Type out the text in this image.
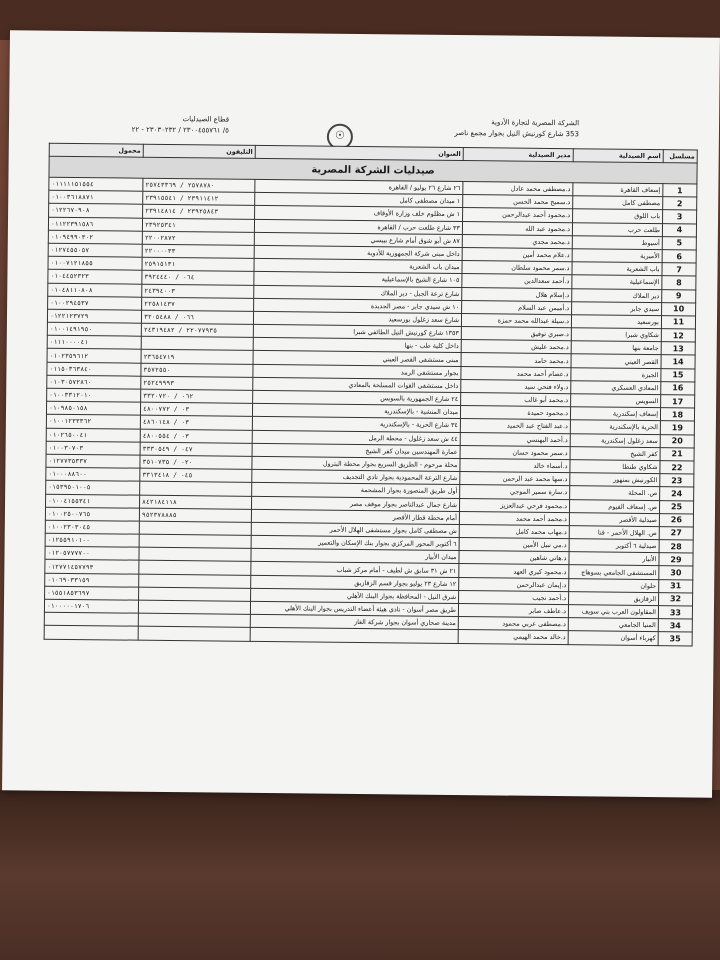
الشركة المصرية لتجارة الأدوية
353 شارع كورنيش النيل بجوار مجمع ناصر
قطاع الصيدليات
٥/ ٢٣٠٠٤٥٥٧٦١ / ٢٣٠٣٠٢٣٢ - ٢٢	☉
مسلسل	اسم الصيدلية	مدير الصيدلية	العنوان	التليفون	محمول
صيدليات الشركة المصرية					
1	إسعاف القاهرة	د.مصطفى محمد عادل	٢٦ شارع ٢٦ يوليو / القاهرة	٢٥٧٨٧٨٠ / ٢٥٧٤٣٣٦٩	٠١١١١١٥١٥٥٤
2	مصطفى كامل	د.سميح محمد الحسن	١ ميدان مصطفى كامل	٢٣٩١١٤١٢ / ٢٣٩١٥٥٤١	٠١٠٠٣٦١٨٨٧١
3	باب اللوق	د.محمود أحمد عبدالرحمن	١ ش مظلوم خلف وزارة الأوقاف	٢٣٩٢٥٨٤٣ / ٢٣٩١٤٨١٤	٠١٢٢٦٧٠٩٠٨
4	طلعت حرب	د.محمود عبد الله	٣٣ شارع طلعت حرب / القاهرة	٢٣٩٢٥٣٤١	٠١١٢٢٣٩١٥٨٦
5	أسيوط	د.محمد مجدي	٨٧ ش أبو شوق أمام شارع بيبسي	٢٢٠٠٢٨٧٢	٠١٠٩٤٩٩٠٣٠٢
6	الأميرية	د.علام محمد أمين	داخل مبنى شركة الجمهورية للأدوية	٢٢٠٠٠٠٣٣	٠١٢٧٤٥٥٠٥٧
7	باب الشعرية	د.سمر محمود سلطان	ميدان باب الشعرية	٢٥٩١٥١٣١	٠١٠٠٧١٢١٨٥٥
8	الإسماعيلية	د.أحمد سعدالدين	١٠٥ شارع الشيخ بالإسماعيلية	٠٦٤ / ٣٩٢٤٤٤٠	٠١٠٤٤٥٢٣٢٣
9	دير الملاك	د.إسلام هلال	شارع ترعة الجبل - دير الملاك	٢٤٣٩٤٠٠٣	٠١٠٤٨١١٠٨٠٨
10	سيدي جابر	د.أميمن عبد السلام	١٠ ش سيدي جابر - مصر الجديدة	٢٢٥٨١٤٣٧	٠١٠٠٢٩٤٥٣٧
11	بورسعيد	د.سيلة عبدالله محمد حمزة	شارع سعد زغلول بورسعيد	٠٦٦ / ٣٢٠٥٤٨٨	٠١٢٢١٢٣٧٢٩
12	شكاوي شبرا	د.صبري توفيق	١٣٥٣ شارع كورنيش النيل الطائفي شبرا	٢٢٠٧٧٩٣٥ / ٢٤٣١٩٤٨٢	٠١٠٠١٤٩١٩٥٠
13	جامعة بنها	د.محمد عليش	داخل كلية طب - بنها		٠١١١٠٠٠٠٤١
14	القصر العيني	د.محمد حامد	مبنى مستشفى القصر العيني	٢٣٦٥٤٧١٩	٠١٠٢٣٥٩٦١٢
15	الجيزة	د.عصام أحمد محمد	بجوار مستشفى الرمد	٣٥٧٢٥٥٠	٠١١٥٠٣٦٣٨٤٠
16	المعادي العسكري	د.ولاء فتحي سيد	داخل مستشفى القوات المسلحة بالمعادي	٢٥٢٤٩٩٩٣	٠١٠٣٠٥٧٢٨٦٠
17	السويس	د.محمد أبو غالب	٢٤ شارع الجمهورية بالسويس	٠٦٢ / ٣٣٢٠٧٢٠	٠١٠٠٣٣١٢٠١٠
18	إسعاف إسكندرية	د.محمود حميدة	ميدان المنشية - بالإسكندرية	٠٣ / ٤٨٠٠٧٧٢	٠١٠٩٨٥٠١٥٨
19	الحرية بالإسكندرية	د.عبد الفتاح عبد الحميد	٣٤ شارع الحرية - بالإسكندرية	٠٣ / ٤٨٦٠١٤٨	٠١٠٠١٢٣٣٣٦٢
20	سعد زغلول إسكندرية	د.أحمد البهنسي	٤٤ ش سعد زغلول - محطة الرمل	٠٣ / ٤٨٠٠٥٥٤	٠١٠٢٦٥٠٠٤١
21	كفر الشيخ	د.سمر محمود حسان	عمارة المهندسين ميدان كفر الشيخ	٠٤٧ / ٣٣٣٠٥٤٩	٠١٠٠٣٠٧٠٣
22	شكاوي طنطا	د.أسماء خالد	محلة مرحوم - الطريق السريع بجوار محطة البترول	٠٢٠ / ٣٥١٠٧٣٥	٠١٢٧٧٣٥٣٣٧
23	الكورنيش بمنهور	د.سها محمد عبد الرحمن	شارع الترعة المحمودية بجوار نادي التجديف	٠٤٥ / ٣٣١٣٤١٨	٠١٠٠٠٨٨٦٠٠
24	ص. المحلة	د.سارة سمير الموجي	أول طريق المنصورة بجوار المشحمة		٠١٥٣٩٥٠١٠٠٥
25	ص. إسعاف الفيوم	د.محمود فرحي عبدالعزيز	شارع جمال عبدالناصر بجوار موقف مصر	٨٤٢١٨٤١١٨	٠١٠٠٤١٥٥٣٤١
26	صيدلية الأقصر	د.محمد أحمد محمد	أمام محطة قطار الأقصر	٩٥٢٣٧٨٨٨٥	٠١٠٠٢٥٠٠٧٦٥
27	ص. الهلال الأحمر - قنا	د.مهاب محمد كامل	ش مصطفى كامل بجوار مستشفى الهلال الأحمر		٠١٠٠٢٣٠٣٠٤٥
28	صيدلية ٦ أكتوبر	د.مي نبيل الأمين	٦ أكتوبر المحور المركزي بجوار بنك الإسكان والتعمير		٠١٢٥٥٩١٠١٠٠
29	الأبيار	د.هاني شاهين	ميدان الأبيار		٠١٢٠٥٧٧٧٧٠٠
30	المستشفى الجامعي بسوهاج	د.محمود كيري العهد	٢١ ش ٣١ سابق ش لطيف - أمام مركز شباب		٠١٢٧٧١٤٥٧٧٩٣
31	حلوان	د.إيمان عبدالرحمن	١٢ شارع ٢٣ يوليو بجوار قسم الزقازيق		٠١٠٦٩٠٣٣١٥٩
32	الزقازيق	د.أحمد نجيب	شرق النيل - المحافظة بجوار البنك الأهلي		٠١٥٥١٨٥٣٦٩٧
33	المقاولون العرب بني سويف	د.عاطف صابر	طريق مصر أسوان - نادي هيئة أعضاء التدريس بجوار البنك الأهلي		٠١٠٠٠٠٠١٧٠٦
34	المنيا الجامعي	د.مصطفى عربي محمود	مدينة صحاري أسوان بجوار شركة الغاز		
35	كهرباء أسوان	د.خالد محمد الهيمي			
